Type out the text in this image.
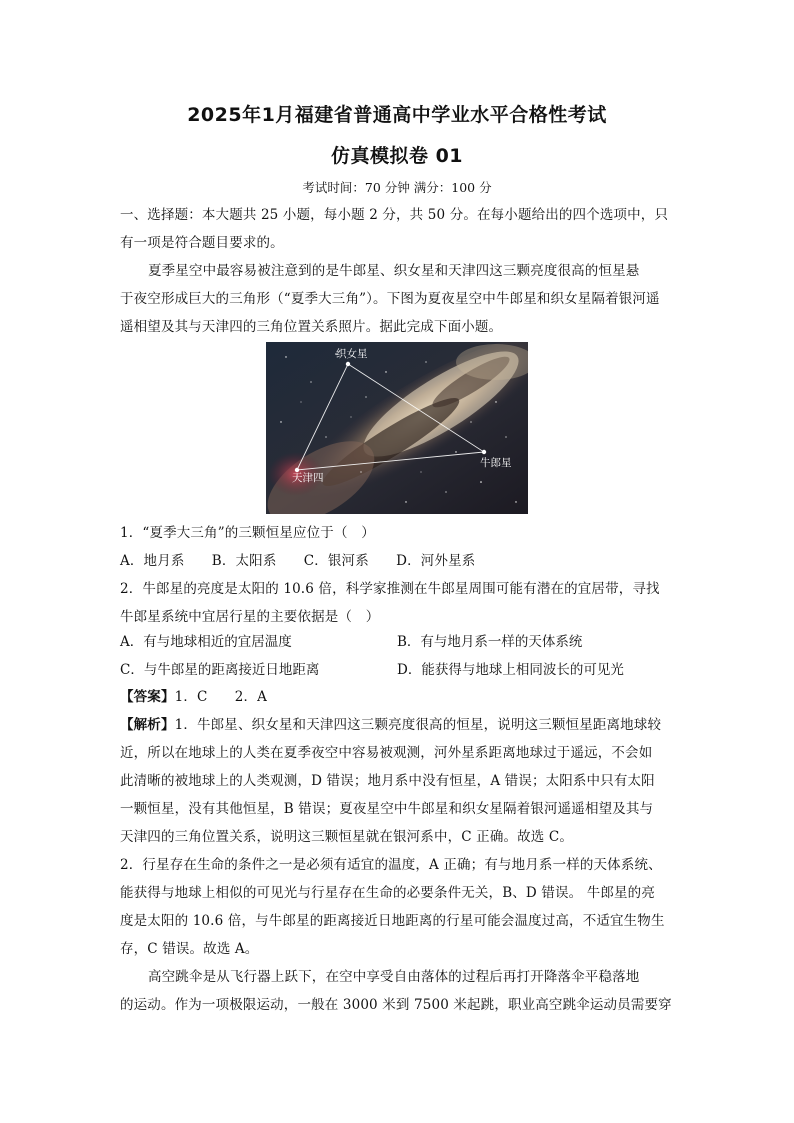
2025年1月福建省普通高中学业水平合格性考试
仿真模拟卷 01
考试时间：70 分钟 满分：100 分
一、选择题：本大题共 25 小题，每小题 2 分，共 50 分。在每小题给出的四个选项中，只
有一项是符合题目要求的。
夏季星空中最容易被注意到的是牛郎星、织女星和天津四这三颗亮度很高的恒星悬
于夜空形成巨大的三角形（“夏季大三角”）。下图为夏夜星空中牛郎星和织女星隔着银河遥
遥相望及其与天津四的三角位置关系照片。据此完成下面小题。
织女星
牛郎星
天津四
1．“夏季大三角”的三颗恒星应位于（　）
A．地月系　　B．太阳系　　C．银河系　　D．河外星系
2．牛郎星的亮度是太阳的 10.6 倍，科学家推测在牛郎星周围可能有潜在的宜居带，寻找
牛郎星系统中宜居行星的主要依据是（　）
A．有与地球相近的宜居温度	B．有与地月系一样的天体系统
C．与牛郎星的距离接近日地距离	D．能获得与地球上相同波长的可见光
【答案】1．C　　2．A
【解析】1．牛郎星、织女星和天津四这三颗亮度很高的恒星，说明这三颗恒星距离地球较
近，所以在地球上的人类在夏季夜空中容易被观测，河外星系距离地球过于遥远，不会如
此清晰的被地球上的人类观测，D 错误；地月系中没有恒星，A 错误；太阳系中只有太阳
一颗恒星，没有其他恒星，B 错误；夏夜星空中牛郎星和织女星隔着银河遥遥相望及其与
天津四的三角位置关系，说明这三颗恒星就在银河系中，C 正确。故选 C。
2．行星存在生命的条件之一是必须有适宜的温度，A 正确；有与地月系一样的天体系统、
能获得与地球上相似的可见光与行星存在生命的必要条件无关，B、D 错误。 牛郎星的亮
度是太阳的 10.6 倍，与牛郎星的距离接近日地距离的行星可能会温度过高，不适宜生物生
存，C 错误。故选 A。
高空跳伞是从飞行器上跃下，在空中享受自由落体的过程后再打开降落伞平稳落地
的运动。作为一项极限运动，一般在 3000 米到 7500 米起跳，职业高空跳伞运动员需要穿
